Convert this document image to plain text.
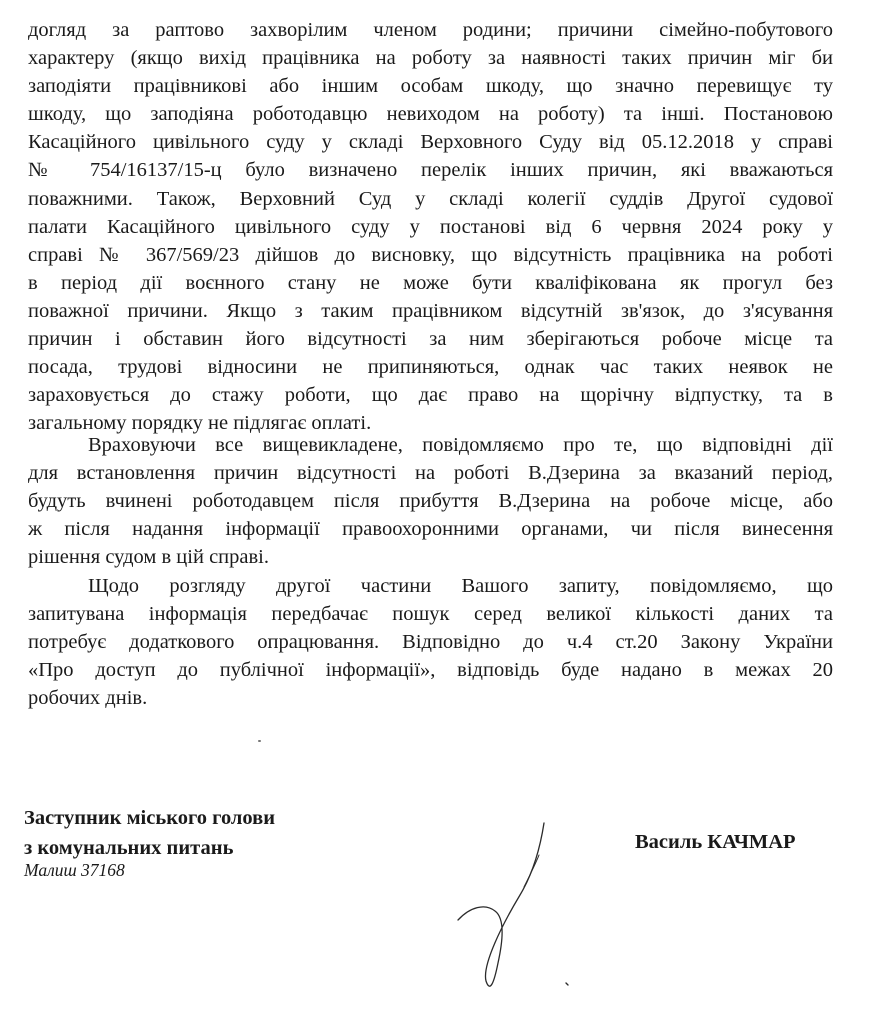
догляд за раптово захворілим членом родини; причини сімейно-побутового
характеру (якщо вихід працівника на роботу за наявності таких причин міг би
заподіяти працівникові або іншим особам шкоду, що значно перевищує ту
шкоду, що заподіяна роботодавцю невиходом на роботу) та інші. Постановою
Касаційного цивільного суду у складі Верховного Суду від 05.12.2018 у справі
№ 754/16137/15-ц було визначено перелік інших причин, які вважаються
поважними. Також, Верховний Суд у складі колегії суддів Другої судової
палати Касаційного цивільного суду у постанові від 6 червня 2024 року у
справі № 367/569/23 дійшов до висновку, що відсутність працівника на роботі
в період дії воєнного стану не може бути кваліфікована як прогул без
поважної причини. Якщо з таким працівником відсутній зв'язок, до з'ясування
причин і обставин його відсутності за ним зберігаються робоче місце та
посада, трудові відносини не припиняються, однак час таких неявок не
зараховується до стажу роботи, що дає право на щорічну відпустку, та в
загальному порядку не підлягає оплаті.
Враховуючи все вищевикладене, повідомляємо про те, що відповідні дії
для встановлення причин відсутності на роботі В.Дзерина за вказаний період,
будуть вчинені роботодавцем після прибуття В.Дзерина на робоче місце, або
ж після надання інформації правоохоронними органами, чи після винесення
рішення судом в цій справі.
Щодо розгляду другої частини Вашого запиту, повідомляємо, що
запитувана інформація передбачає пошук серед великої кількості даних та
потребує додаткового опрацювання. Відповідно до ч.4 ст.20 Закону України
«Про доступ до публічної інформації», відповідь буде надано в межах 20
робочих днів.
Заступник міського голови
з комунальних питань
Малиш 37168
Василь КАЧМАР
